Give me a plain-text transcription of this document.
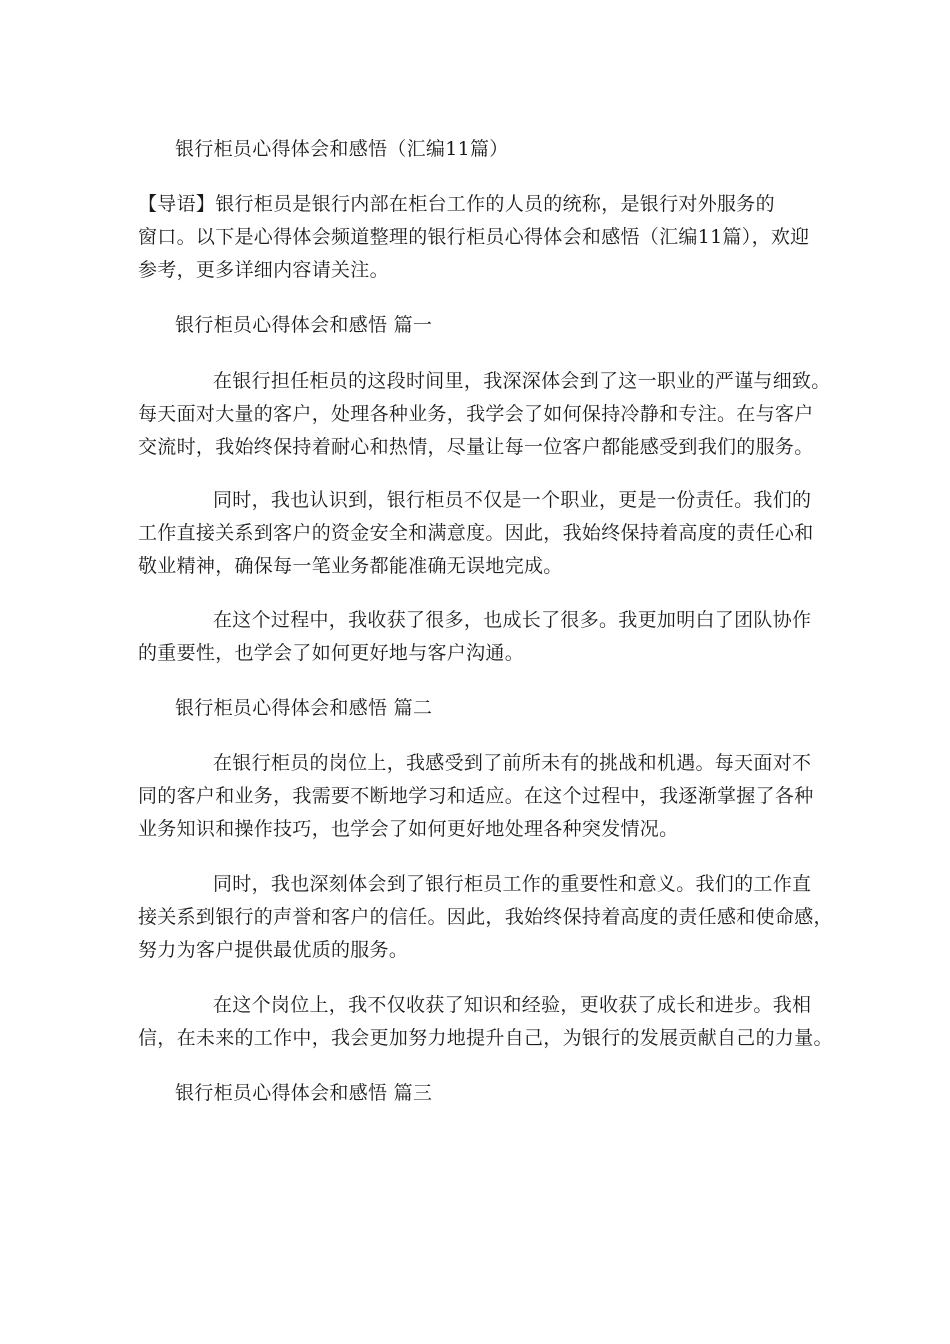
银行柜员心得体会和感悟（汇编11篇）
【导语】银行柜员是银行内部在柜台工作的人员的统称，是银行对外服务的
窗口。以下是心得体会频道整理的银行柜员心得体会和感悟（汇编11篇），欢迎
参考，更多详细内容请关注。
银行柜员心得体会和感悟 篇一
在银行担任柜员的这段时间里，我深深体会到了这一职业的严谨与细致。
每天面对大量的客户，处理各种业务，我学会了如何保持冷静和专注。在与客户
交流时，我始终保持着耐心和热情，尽量让每一位客户都能感受到我们的服务。
同时，我也认识到，银行柜员不仅是一个职业，更是一份责任。我们的
工作直接关系到客户的资金安全和满意度。因此，我始终保持着高度的责任心和
敬业精神，确保每一笔业务都能准确无误地完成。
在这个过程中，我收获了很多，也成长了很多。我更加明白了团队协作
的重要性，也学会了如何更好地与客户沟通。
银行柜员心得体会和感悟 篇二
在银行柜员的岗位上，我感受到了前所未有的挑战和机遇。每天面对不
同的客户和业务，我需要不断地学习和适应。在这个过程中，我逐渐掌握了各种
业务知识和操作技巧，也学会了如何更好地处理各种突发情况。
同时，我也深刻体会到了银行柜员工作的重要性和意义。我们的工作直
接关系到银行的声誉和客户的信任。因此，我始终保持着高度的责任感和使命感，
努力为客户提供最优质的服务。
在这个岗位上，我不仅收获了知识和经验，更收获了成长和进步。我相
信，在未来的工作中，我会更加努力地提升自己，为银行的发展贡献自己的力量。
银行柜员心得体会和感悟 篇三
